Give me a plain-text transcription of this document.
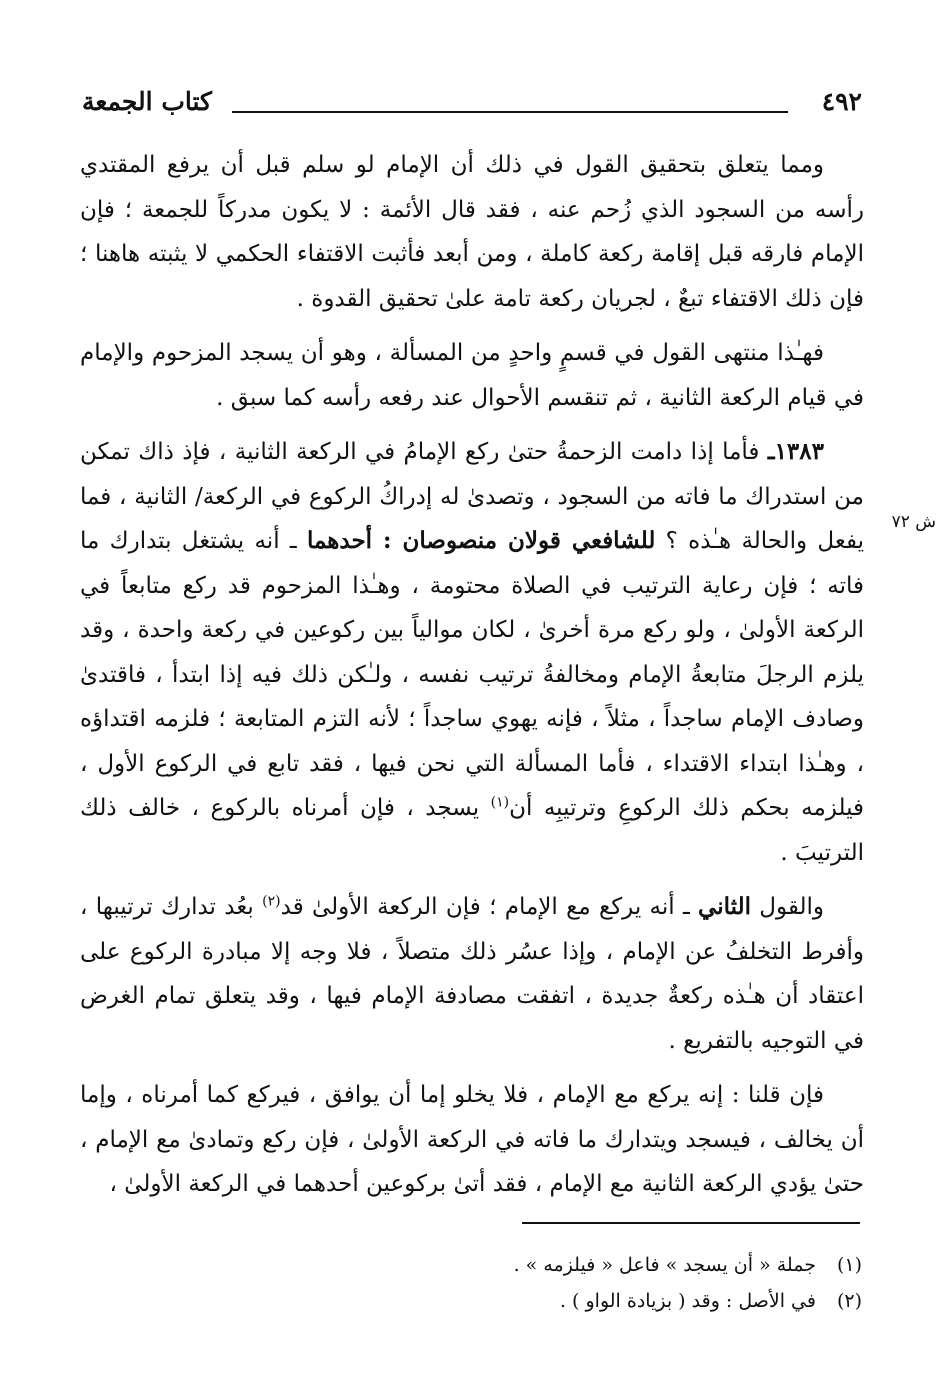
٤٩٢
كتاب الجمعة
ش ٧٢

ومما يتعلق بتحقيق القول في ذلك أن الإمام لو سلم قبل أن يرفع المقتدي رأسه من السجود الذي زُحم عنه ، فقد قال الأئمة : لا يكون مدركاً للجمعة ؛ فإن الإمام فارقه قبل إقامة ركعة كاملة ، ومن أبعد فأثبت الاقتفاء الحكمي لا يثبته هاهنا ؛ فإن ذلك الاقتفاء تبعٌ ، لجريان ركعة تامة علىٰ تحقيق القدوة .

فهـٰذا منتهى القول في قسمٍ واحدٍ من المسألة ، وهو أن يسجد المزحوم والإمام في قيام الركعة الثانية ، ثم تنقسم الأحوال عند رفعه رأسه كما سبق .

١٣٨٣ـ فأما إذا دامت الزحمةُ حتىٰ ركع الإمامُ في الركعة الثانية ، فإذ ذاك تمكن من استدراك ما فاته من السجود ، وتصدىٰ له إدراكُ الركوع في الركعة/ الثانية ، فما يفعل والحالة هـٰذه ؟ للشافعي قولان منصوصان : أحدهما ـ أنه يشتغل بتدارك ما فاته ؛ فإن رعاية الترتيب في الصلاة محتومة ، وهـٰذا المزحوم قد ركع متابعاً في الركعة الأولىٰ ، ولو ركع مرة أخرىٰ ، لكان موالياً بين ركوعين في ركعة واحدة ، وقد يلزم الرجلَ متابعةُ الإمام ومخالفةُ ترتيب نفسه ، ولـٰكن ذلك فيه إذا ابتدأ ، فاقتدىٰ وصادف الإمام ساجداً ، مثلاً ، فإنه يهوي ساجداً ؛ لأنه التزم المتابعة ؛ فلزمه اقتداؤه ، وهـٰذا ابتداء الاقتداء ، فأما المسألة التي نحن فيها ، فقد تابع في الركوع الأول ، فيلزمه بحكم ذلك الركوعِ وترتيبِه أن$^{(١)}$ يسجد ، فإن أمرناه بالركوع ، خالف ذلك الترتيبَ .

والقول الثاني ـ أنه يركع مع الإمام ؛ فإن الركعة الأولىٰ قد$^{(٢)}$ بعُد تدارك ترتيبها ، وأفرط التخلفُ عن الإمام ، وإذا عسُر ذلك متصلاً ، فلا وجه إلا مبادرة الركوع على اعتقاد أن هـٰذه ركعةٌ جديدة ، اتفقت مصادفة الإمام فيها ، وقد يتعلق تمام الغرض في التوجيه بالتفريع .

فإن قلنا : إنه يركع مع الإمام ، فلا يخلو إما أن يوافق ، فيركع كما أمرناه ، وإما أن يخالف ، فيسجد ويتدارك ما فاته في الركعة الأولىٰ ، فإن ركع وتمادىٰ مع الإمام ، حتىٰ يؤدي الركعة الثانية مع الإمام ، فقد أتىٰ بركوعين أحدهما في الركعة الأولىٰ ،

(١) جملة « أن يسجد » فاعل « فيلزمه » .
(٢) في الأصل : وقد ( بزيادة الواو ) .
